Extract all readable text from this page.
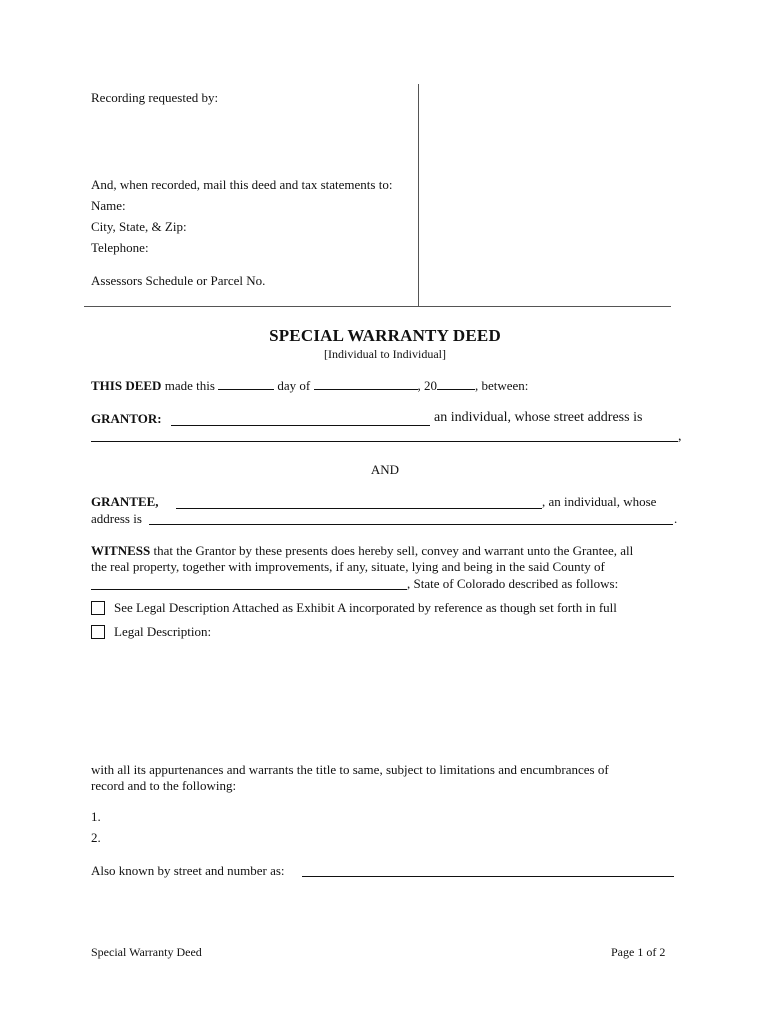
Recording requested by:
And, when recorded, mail this deed and tax statements to:
Name:
City, State, & Zip:
Telephone:
Assessors Schedule or Parcel No.
SPECIAL WARRANTY DEED
[Individual to Individual]
THIS DEED made this	day of	, 20	, between:
GRANTOR:	an individual, whose street address is
,
AND
GRANTEE,	, an individual, whose
address is	.
WITNESS that the Grantor by these presents does hereby sell, convey and warrant unto the Grantee, all
the real property, together with improvements, if any, situate, lying and being in the said County of
, State of Colorado described as follows:
See Legal Description Attached as Exhibit A incorporated by reference as though set forth in full
Legal Description:
with all its appurtenances and warrants the title to same, subject to limitations and encumbrances of
record and to the following:
1.
2.
Also known by street and number as:
Special Warranty Deed	Page 1 of 2
